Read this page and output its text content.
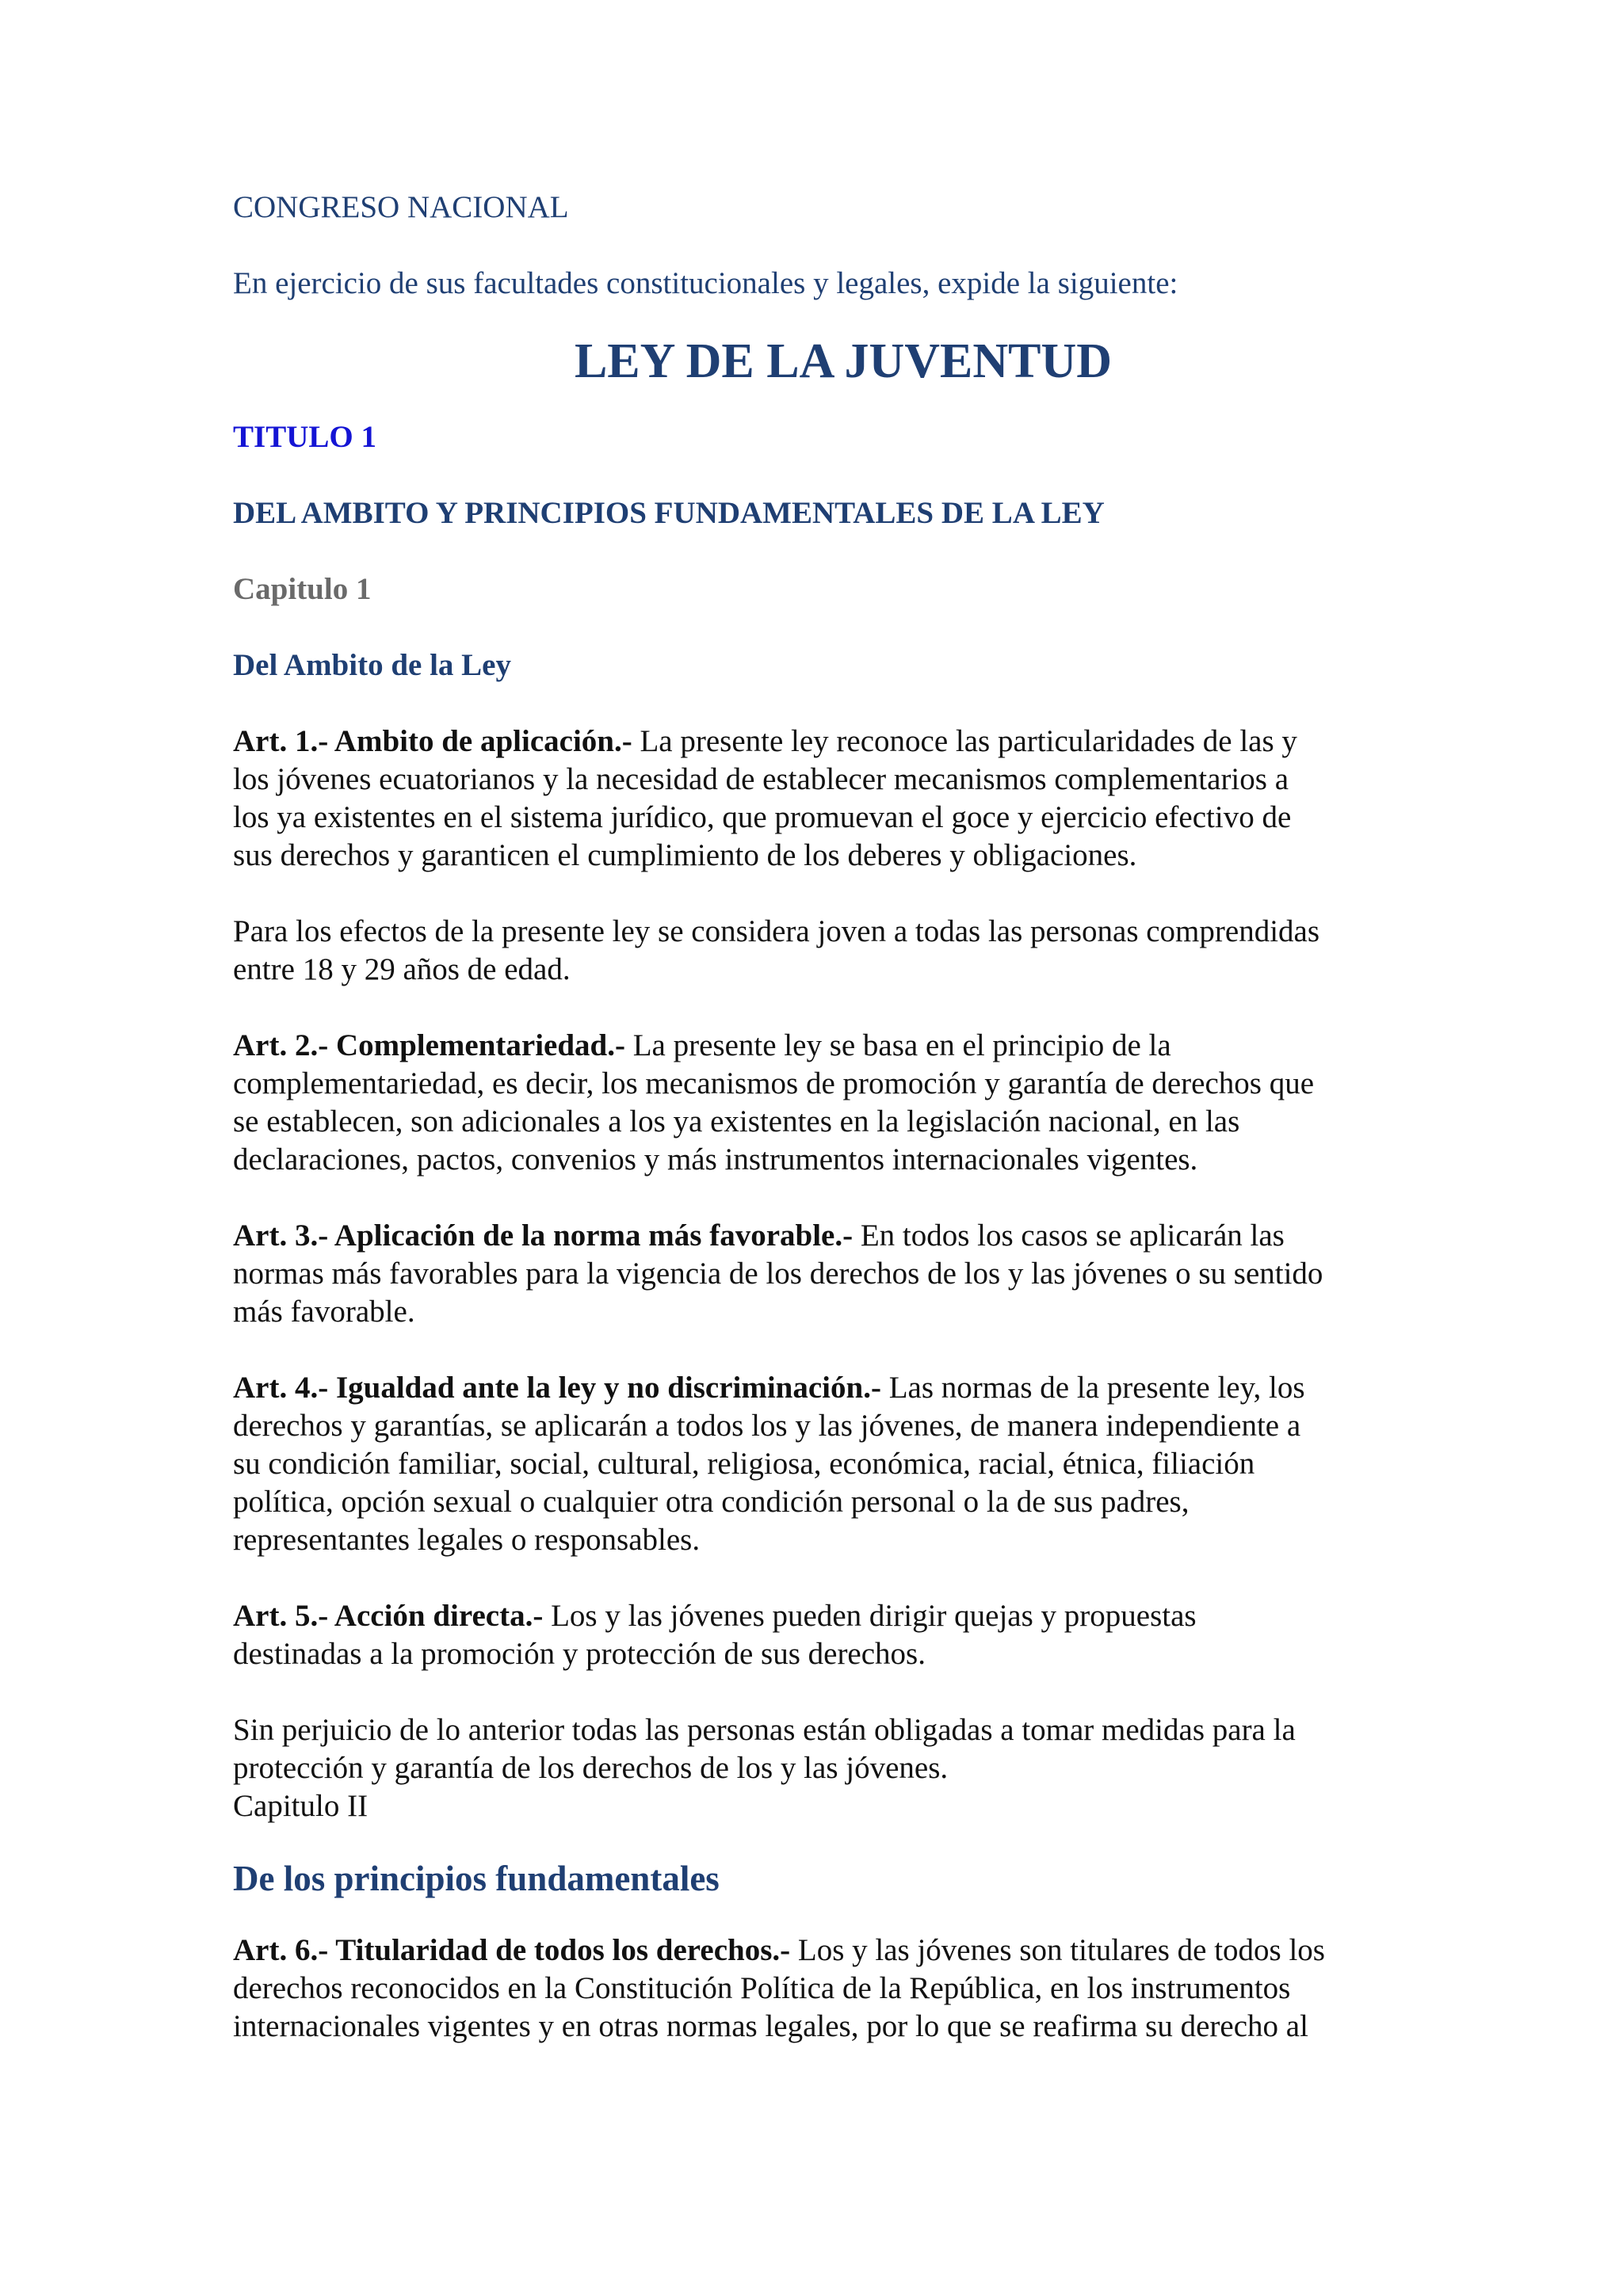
CONGRESO NACIONAL
En ejercicio de sus facultades constitucionales y legales, expide la siguiente:
LEY DE LA JUVENTUD
TITULO 1
DEL AMBITO Y PRINCIPIOS FUNDAMENTALES DE LA LEY
Capitulo 1
Del Ambito de la Ley
Art. 1.- Ambito de aplicación.- La presente ley reconoce las particularidades de las y
los jóvenes ecuatorianos y la necesidad de establecer mecanismos complementarios a
los ya existentes en el sistema jurídico, que promuevan el goce y ejercicio efectivo de
sus derechos y garanticen el cumplimiento de los deberes y obligaciones.
Para los efectos de la presente ley se considera joven a todas las personas comprendidas
entre 18 y 29 años de edad.
Art. 2.- Complementariedad.- La presente ley se basa en el principio de la
complementariedad, es decir, los mecanismos de promoción y garantía de derechos que
se establecen, son adicionales a los ya existentes en la legislación nacional, en las
declaraciones, pactos, convenios y más instrumentos internacionales vigentes.
Art. 3.- Aplicación de la norma más favorable.- En todos los casos se aplicarán las
normas más favorables para la vigencia de los derechos de los y las jóvenes o su sentido
más favorable.
Art. 4.- Igualdad ante la ley y no discriminación.- Las normas de la presente ley, los
derechos y garantías, se aplicarán a todos los y las jóvenes, de manera independiente a
su condición familiar, social, cultural, religiosa, económica, racial, étnica, filiación
política, opción sexual o cualquier otra condición personal o la de sus padres,
representantes legales o responsables.
Art. 5.- Acción directa.- Los y las jóvenes pueden dirigir quejas y propuestas
destinadas a la promoción y protección de sus derechos.
Sin perjuicio de lo anterior todas las personas están obligadas a tomar medidas para la
protección y garantía de los derechos de los y las jóvenes.
Capitulo II
De los principios fundamentales
Art. 6.- Titularidad de todos los derechos.- Los y las jóvenes son titulares de todos los
derechos reconocidos en la Constitución Política de la República, en los instrumentos
internacionales vigentes y en otras normas legales, por lo que se reafirma su derecho al
